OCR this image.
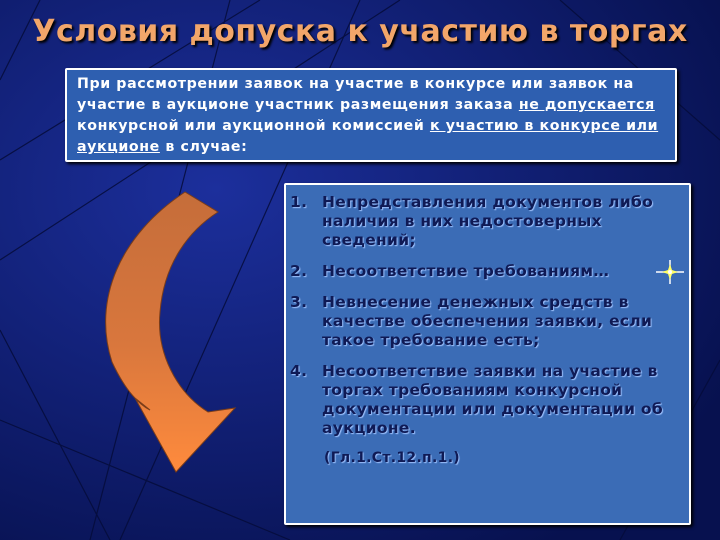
Условия допуска к участию в торгах
При рассмотрении заявок на участие в конкурсе или заявок на участие в аукционе участник размещения заказа не допускается конкурсной или аукционной комиссией к участию в конкурсе или аукционе в случае:
1. Непредставления документов либо наличия в них недостоверных сведений;
2. Несоответствие требованиям…
3. Невнесение денежных средств в качестве обеспечения заявки, если такое требование есть;
4. Несоответствие заявки на участие в торгах требованиям конкурсной документации или документации об аукционе.
(Гл.1.Ст.12.п.1.)
